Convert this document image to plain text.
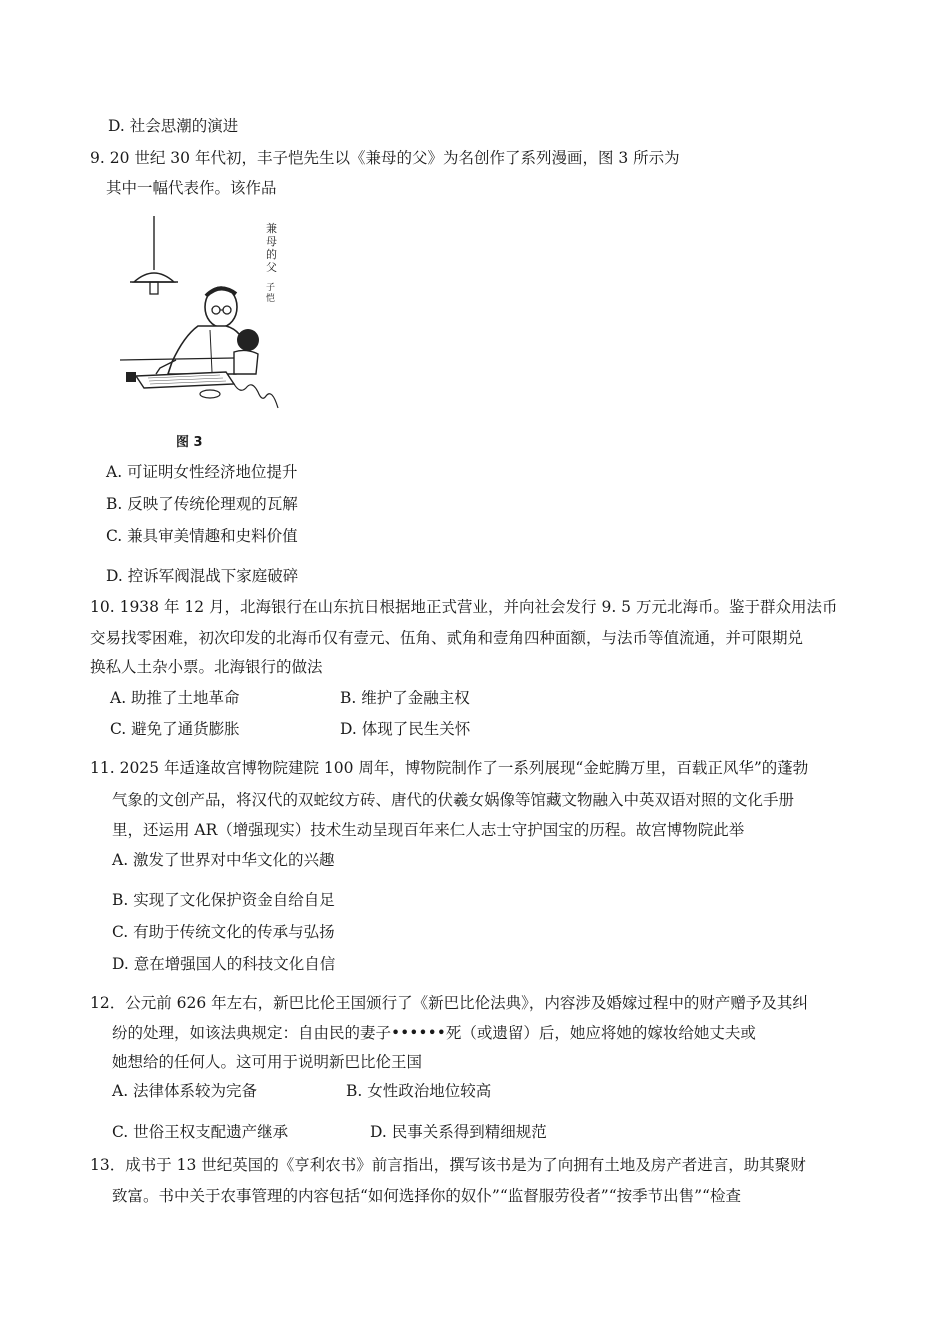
D. 社会思潮的演进
9. 20 世纪 30 年代初，丰子恺先生以《兼母的父》为名创作了系列漫画，图 3 所示为
其中一幅代表作。该作品
兼
母
的
父
子
恺
图 3
A. 可证明女性经济地位提升
B. 反映了传统伦理观的瓦解
C. 兼具审美情趣和史料价值
D. 控诉军阀混战下家庭破碎
10. 1938 年 12 月，北海银行在山东抗日根据地正式营业，并向社会发行 9. 5 万元北海币。鉴于群众用法币
交易找零困难，初次印发的北海币仅有壹元、伍角、贰角和壹角四种面额，与法币等值流通，并可限期兑
换私人土杂小票。北海银行的做法
A. 助推了土地革命	B. 维护了金融主权
C. 避免了通货膨胀	D. 体现了民生关怀
11. 2025 年适逢故宫博物院建院 100 周年，博物院制作了一系列展现“金蛇腾万里，百载正风华”的蓬勃
气象的文创产品，将汉代的双蛇纹方砖、唐代的伏羲女娲像等馆藏文物融入中英双语对照的文化手册
里，还运用 AR（增强现实）技术生动呈现百年来仁人志士守护国宝的历程。故宫博物院此举
A. 激发了世界对中华文化的兴趣
B. 实现了文化保护资金自给自足
C. 有助于传统文化的传承与弘扬
D. 意在增强国人的科技文化自信
12．公元前 626 年左右，新巴比伦王国颁行了《新巴比伦法典》，内容涉及婚嫁过程中的财产赠予及其纠
纷的处理，如该法典规定：自由民的妻子••••••死（或遗留）后，她应将她的嫁妆给她丈夫或
她想给的任何人。这可用于说明新巴比伦王国
A. 法律体系较为完备	B. 女性政治地位较高
C. 世俗王权支配遗产继承	D. 民事关系得到精细规范
13．成书于 13 世纪英国的《亨利农书》前言指出，撰写该书是为了向拥有土地及房产者进言，助其聚财
致富。书中关于农事管理的内容包括“如何选择你的奴仆”“监督服劳役者”“按季节出售”“检查
